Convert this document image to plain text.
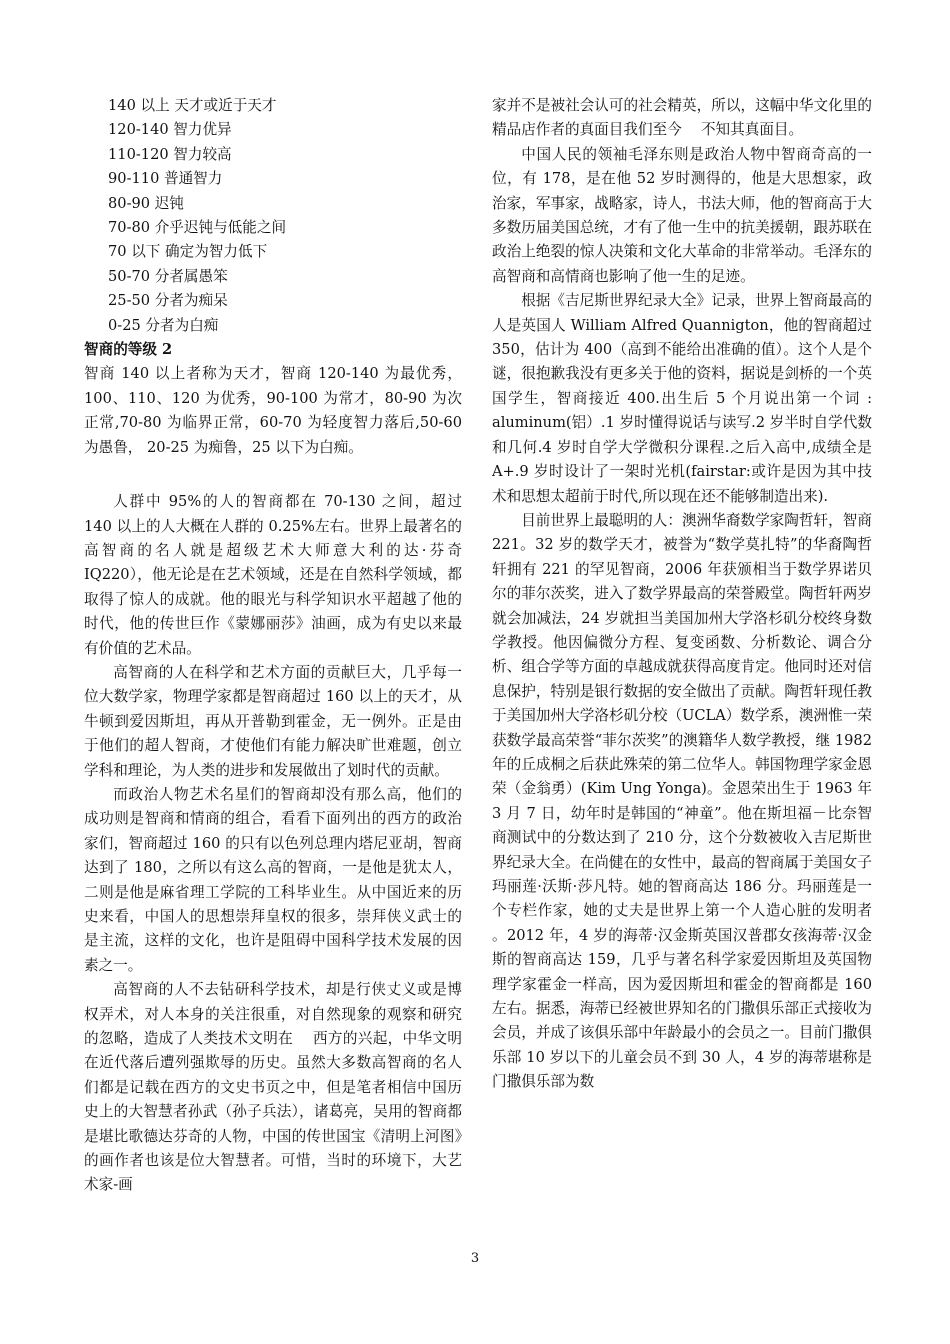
140 以上 天才或近于天才
120-140 智力优异
110-120 智力较高
90-110 普通智力
80-90 迟钝
70-80 介乎迟钝与低能之间
70 以下 确定为智力低下
50-70 分者属愚笨
25-50 分者为痴呆
0-25 分者为白痴
智商的等级 2

智商 140 以上者称为天才，智商 120-140 为最优秀，100、110、120 为优秀，90-100 为常才，80-90 为次正常,70-80 为临界正常，60-70 为轻度智力落后,50-60 为愚鲁， 20-25 为痴鲁，25 以下为白痴。

人群中 95%的人的智商都在 70-130 之间，超过 140 以上的人大概在人群的 0.25%左右。世界上最著名的高智商的名人就是超级艺术大师意大利的达·芬奇 IQ220），他无论是在艺术领域，还是在自然科学领域，都取得了惊人的成就。他的眼光与科学知识水平超越了他的时代，他的传世巨作《蒙娜丽莎》油画，成为有史以来最有价值的艺术品。

高智商的人在科学和艺术方面的贡献巨大，几乎每一位大数学家，物理学家都是智商超过 160 以上的天才，从牛顿到爱因斯坦，再从开普勒到霍金，无一例外。正是由于他们的超人智商，才使他们有能力解决旷世难题，创立学科和理论，为人类的进步和发展做出了划时代的贡献。

而政治人物艺术名星们的智商却没有那么高，他们的成功则是智商和情商的组合，看看下面列出的西方的政治家们，智商超过 160 的只有以色列总理内塔尼亚胡，智商达到了 180，之所以有这么高的智商，一是他是犹太人，二则是他是麻省理工学院的工科毕业生。从中国近来的历史来看，中国人的思想崇拜皇权的很多，崇拜侠义武士的是主流，这样的文化，也许是阻碍中国科学技术发展的因素之一。

高智商的人不去钻研科学技术，却是行侠丈义或是博权弄术，对人本身的关注很重，对自然现象的观察和研究的忽略，造成了人类技术文明在　 西方的兴起，中华文明在近代落后遭列强欺辱的历史。虽然大多数高智商的名人们都是记载在西方的文史书页之中，但是笔者相信中国历史上的大智慧者孙武（孙子兵法），诸葛亮，吴用的智商都是堪比歌德达芬奇的人物，中国的传世国宝《清明上河图》的画作者也该是位大智慧者。可惜，当时的环境下，大艺术家-画

家并不是被社会认可的社会精英，所以，这幅中华文化里的精品店作者的真面目我们至今　 不知其真面目。

中国人民的领袖毛泽东则是政治人物中智商奇高的一位，有 178，是在他 52 岁时测得的，他是大思想家，政治家，军事家，战略家，诗人，书法大师，他的智商高于大多数历届美国总统，才有了他一生中的抗美援朝，跟苏联在政治上绝裂的惊人决策和文化大革命的非常举动。毛泽东的高智商和高情商也影响了他一生的足迹。

根据《吉尼斯世界纪录大全》记录，世界上智商最高的人是英国人 William Alfred Quannigton，他的智商超过 350，估计为 400（高到不能给出准确的值）。这个人是个谜，很抱歉我没有更多关于他的资料，据说是剑桥的一个英国学生，智商接近 400.出生后 5 个月说出第一个词 : aluminum(铝）.1 岁时懂得说话与读写.2 岁半时自学代数和几何.4 岁时自学大学微积分课程.之后入高中,成绩全是 A+.9 岁时设计了一架时光机(fairstar:或许是因为其中技术和思想太超前于时代,所以现在还不能够制造出来).

目前世界上最聪明的人：澳洲华裔数学家陶哲轩，智商 221。32 岁的数学天才，被誉为“数学莫扎特”的华裔陶哲轩拥有 221 的罕见智商，2006 年获颁相当于数学界诺贝尔的菲尔茨奖，进入了数学界最高的荣誉殿堂。陶哲轩两岁就会加减法，24 岁就担当美国加州大学洛杉矶分校终身数学教授。他因偏微分方程、复变函数、分析数论、调合分析、组合学等方面的卓越成就获得高度肯定。他同时还对信息保护，特别是银行数据的安全做出了贡献。陶哲轩现任教于美国加州大学洛杉矶分校（UCLA）数学系，澳洲惟一荣获数学最高荣誉“菲尔茨奖”的澳籍华人数学教授，继 1982 年的丘成桐之后获此殊荣的第二位华人。韩国物理学家金恩荣（金翁勇）(Kim Ung Yonga)。金恩荣出生于 1963 年 3 月 7 日，幼年时是韩国的“神童”。他在斯坦福－比奈智商测试中的分数达到了 210 分，这个分数被收入吉尼斯世界纪录大全。在尚健在的女性中，最高的智商属于美国女子玛丽莲·沃斯·莎凡特。她的智商高达 186 分。玛丽莲是一个专栏作家，她的丈夫是世界上第一个人造心脏的发明者 。2012 年，4 岁的海蒂·汉金斯英国汉普郡女孩海蒂·汉金斯的智商高达 159，几乎与著名科学家爱因斯坦及英国物理学家霍金一样高，因为爱因斯坦和霍金的智商都是 160 左右。据悉，海蒂已经被世界知名的门撒俱乐部正式接收为会员，并成了该俱乐部中年龄最小的会员之一。目前门撒俱乐部 10 岁以下的儿童会员不到 30 人，4 岁的海蒂堪称是门撒俱乐部为数

3
